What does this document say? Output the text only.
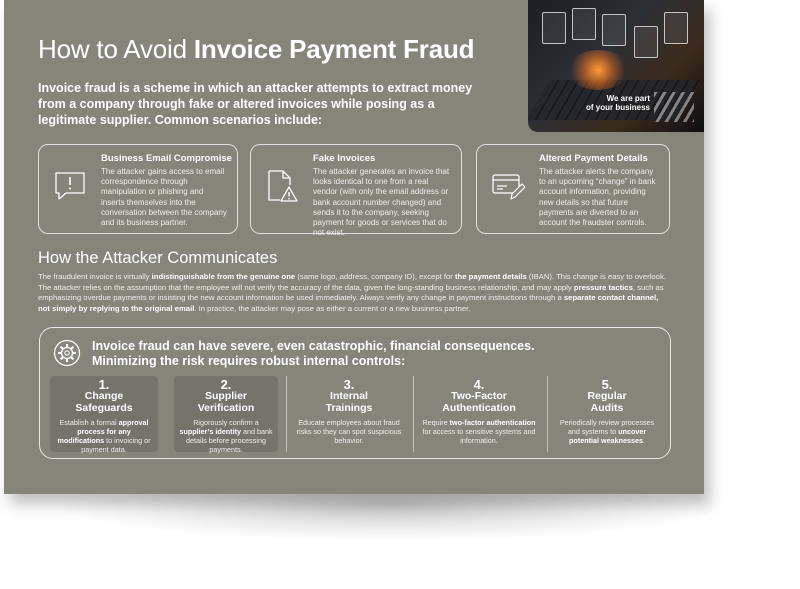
How to Avoid Invoice Payment Fraud

Invoice fraud is a scheme in which an attacker attempts to extract money from a company through fake or altered invoices while posing as a legitimate supplier. Common scenarios include:

We are part
of your business

Business Email Compromise

The attacker gains access to email correspondence through manipulation or phishing and inserts themselves into the conversation between the company and its business partner.

Fake Invoices

The attacker generates an invoice that looks identical to one from a real vendor (with only the email address or bank account number changed) and sends it to the company, seeking payment for goods or services that do not exist.

Altered Payment Details

The attacker alerts the company to an upcoming “change” in bank account information, providing new details so that future payments are diverted to an account the fraudster controls.

How the Attacker Communicates

The fraudulent invoice is virtually indistinguishable from the genuine one (same logo, address, company ID), except for the payment details (IBAN). This change is easy to overlook. The attacker relies on the assumption that the employee will not verify the accuracy of the data, given the long-standing business relationship, and may apply pressure tactics, such as emphasizing overdue payments or insisting the new account information be used immediately. Always verify any change in payment instructions through a separate contact channel, not simply by replying to the original email. In practice, the attacker may pose as either a current or a new business partner.

Invoice fraud can have severe, even catastrophic, financial consequences.
Minimizing the risk requires robust internal controls:

1.
Change
Safeguards
Establish a formal approval process for any modifications to invoicing or payment data.
2.
Supplier
Verification
Rigorously confirm a supplier’s identity and bank details before processing payments.
3.
Internal
Trainings
Educate employees about fraud risks so they can spot suspicious behavior.
4.
Two-Factor
Authentication
Require two-factor authentication for access to sensitive systems and information.
5.
Regular
Audits
Periodically review processes and systems to uncover potential weaknesses.
